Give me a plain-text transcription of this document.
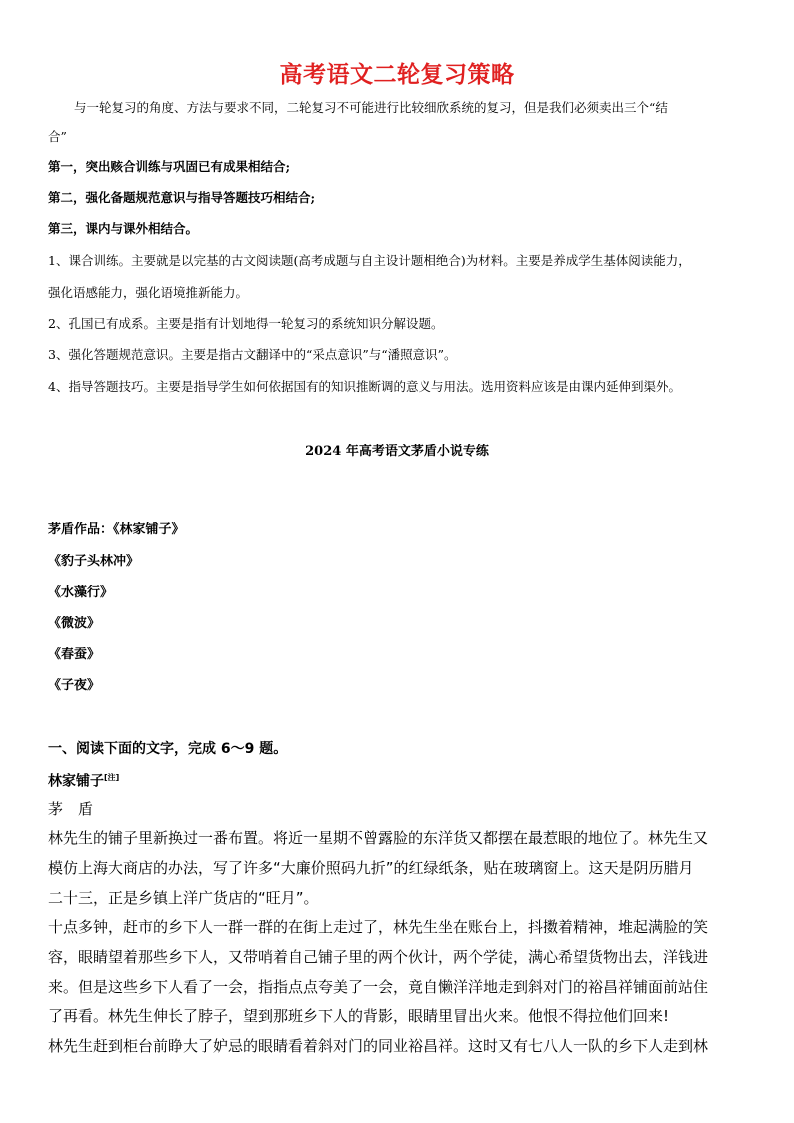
高考语文二轮复习策略
与一轮复习的角度、方法与要求不同，二轮复习不可能进行比较细欣系统的复习，但是我们必须卖出三个“结
合”
第一，突出赅合训练与巩固已有成果相结合;
第二，强化备题规范意识与指导答题技巧相结合;
第三，课内与课外相结合。
1、课合训练。主要就是以完基的古文阅读题(高考成题与自主设计题相绝合)为材料。主要是养成学生基体阅读能力，
强化语感能力，强化语境推新能力。
2、孔国已有成系。主要是指有计划地得一轮复习的系统知识分解设题。
3、强化答题规范意识。主要是指古文翻译中的“采点意识”与“潘照意识”。
4、指导答题技巧。主要是指导学生如何依据国有的知识推断调的意义与用法。选用资料应该是由课内延伸到渠外。
2024 年高考语文茅盾小说专练
茅盾作品：《林家铺子》
《豹子头林冲》
《水藻行》
《微波》
《春蚕》
《子夜》
一、阅读下面的文字，完成 6～9 题。
林家铺子[注]
茅　盾
林先生的铺子里新换过一番布置。将近一星期不曾露脸的东洋货又都摆在最惹眼的地位了。林先生又
模仿上海大商店的办法，写了许多“大廉价照码九折”的红绿纸条，贴在玻璃窗上。这天是阴历腊月
二十三，正是乡镇上洋广货店的“旺月”。
十点多钟，赶市的乡下人一群一群的在街上走过了，林先生坐在账台上，抖擞着精神，堆起满脸的笑
容，眼睛望着那些乡下人，又带哨着自己铺子里的两个伙计，两个学徒，满心希望货物出去，洋钱进
来。但是这些乡下人看了一会，指指点点夸美了一会，竟自懒洋洋地走到斜对门的裕昌祥铺面前站住
了再看。林先生伸长了脖子，望到那班乡下人的背影，眼睛里冒出火来。他恨不得拉他们回来!
林先生赶到柜台前睁大了妒忌的眼睛看着斜对门的同业裕昌祥。这时又有七八人一队的乡下人走到林
